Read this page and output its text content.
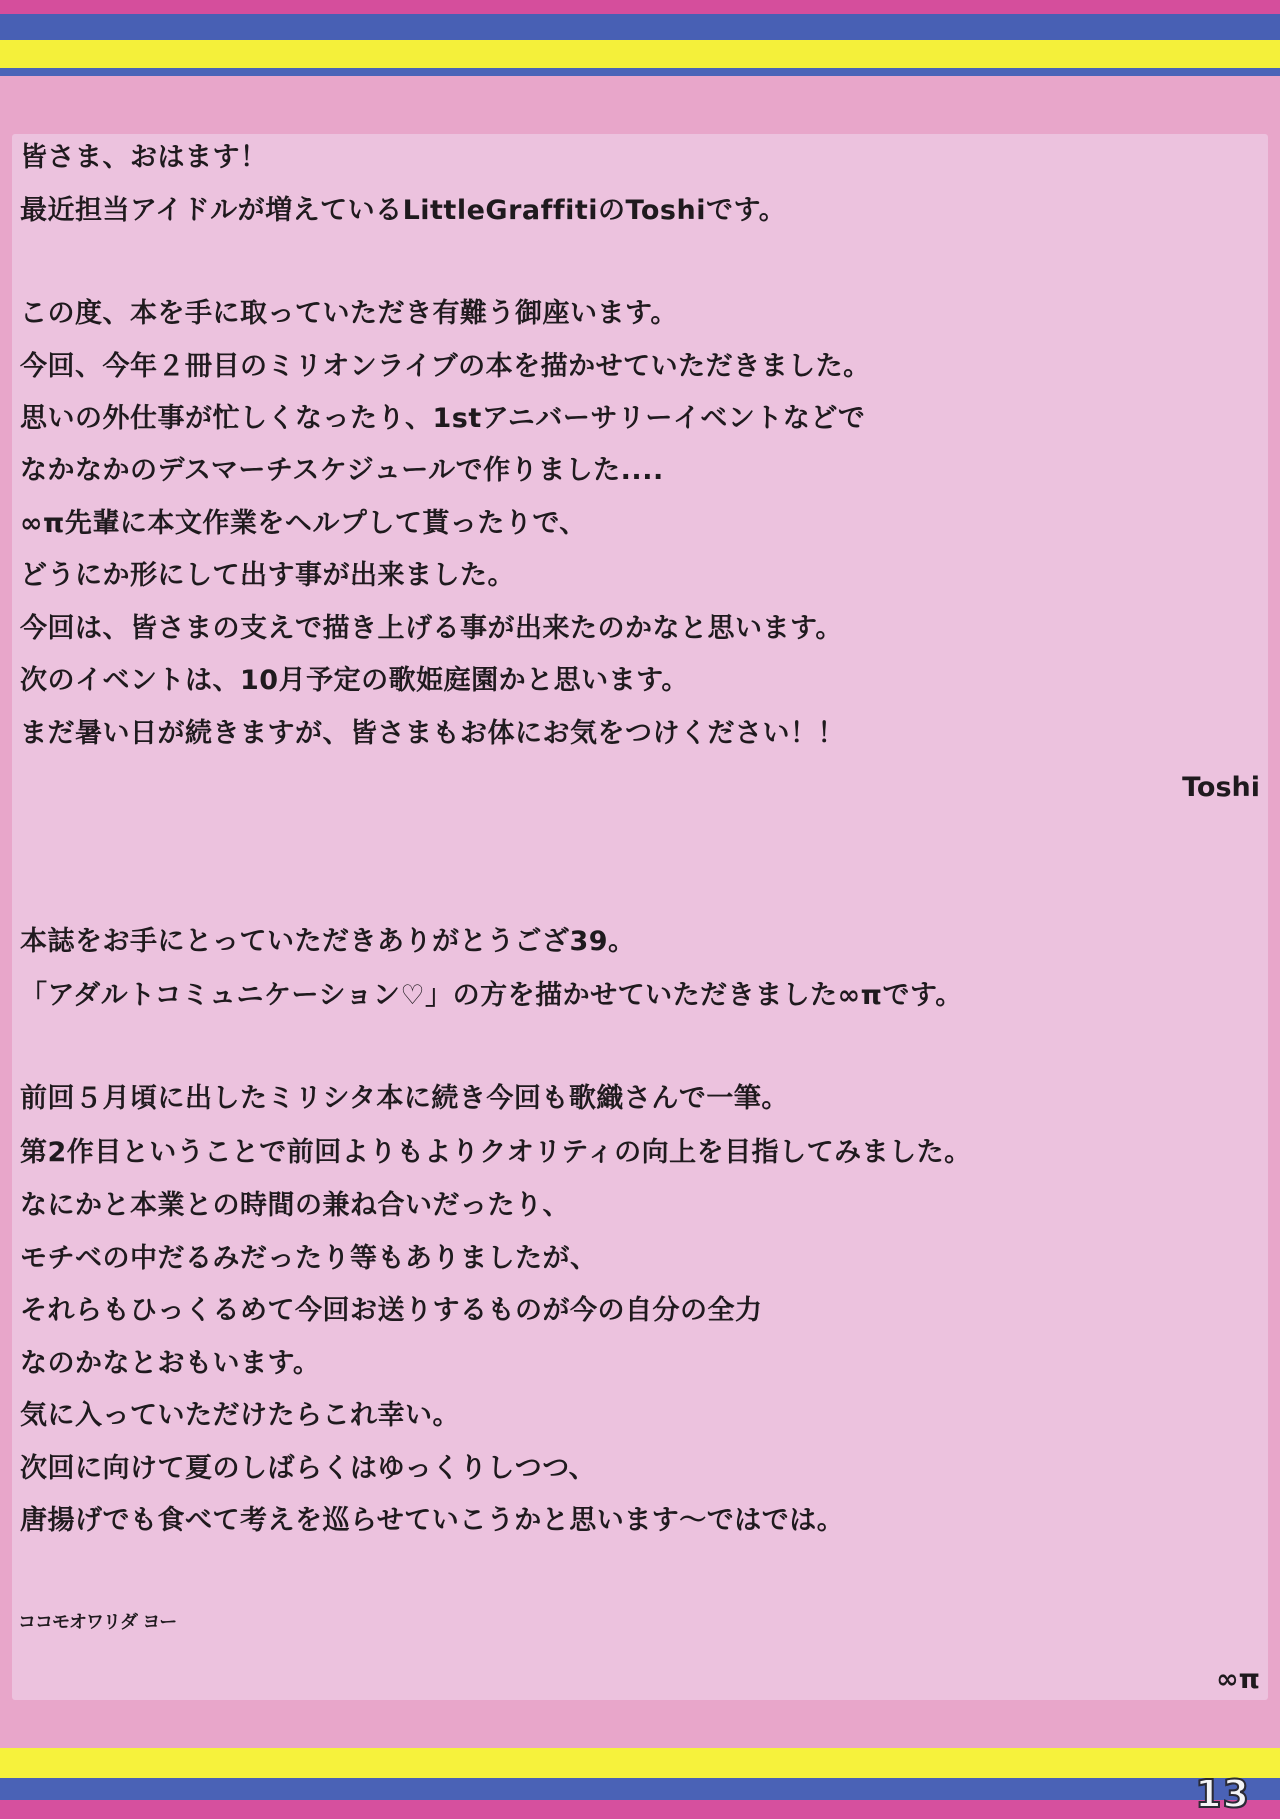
皆さま、おはます！
最近担当アイドルが増えているLittleGraffitiのToshiです。
この度、本を手に取っていただき有難う御座います。
今回、今年２冊目のミリオンライブの本を描かせていただきました。
思いの外仕事が忙しくなったり、1stアニバーサリーイベントなどで
なかなかのデスマーチスケジュールで作りました....
∞π先輩に本文作業をヘルプして貰ったりで、
どうにか形にして出す事が出来ました。
今回は、皆さまの支えで描き上げる事が出来たのかなと思います。
次のイベントは、10月予定の歌姫庭園かと思います。
まだ暑い日が続きますが、皆さまもお体にお気をつけください！！
Toshi
本誌をお手にとっていただきありがとうござ39。
「アダルトコミュニケーション♡」の方を描かせていただきました∞πです。
前回５月頃に出したミリシタ本に続き今回も歌織さんで一筆。
第2作目ということで前回よりもよりクオリティの向上を目指してみました。
なにかと本業との時間の兼ね合いだったり、
モチベの中だるみだったり等もありましたが、
それらもひっくるめて今回お送りするものが今の自分の全力
なのかなとおもいます。
気に入っていただけたらこれ幸い。
次回に向けて夏のしばらくはゆっくりしつつ、
唐揚げでも食べて考えを巡らせていこうかと思います～ではでは。
ココモオワリダ ヨー
∞π
13
